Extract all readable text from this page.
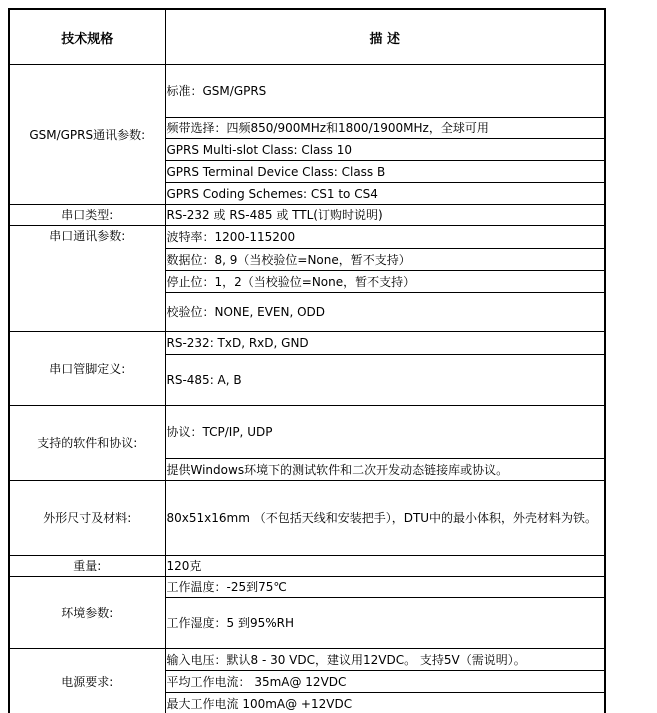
技术规格	描 述
GSM/GPRS通讯参数:	标准：GSM/GPRS
	频带选择：四频850/900MHz和1800/1900MHz，全球可用
	GPRS Multi-slot Class: Class 10
	GPRS Terminal Device Class: Class B
	GPRS Coding Schemes: CS1 to CS4
串口类型:	RS-232 或 RS-485 或 TTL(订购时说明)
串口通讯参数:	波特率：1200-115200
	数据位：8, 9（当校验位=None，暂不支持）
	停止位：1，2（当校验位=None，暂不支持）
	校验位：NONE, EVEN, ODD
串口管脚定义:	RS-232: TxD, RxD, GND
	RS-485: A, B
支持的软件和协议:	协议：TCP/IP, UDP
	提供Windows环境下的测试软件和二次开发动态链接库或协议。
外形尺寸及材料:	80x51x16mm （不包括天线和安装把手），DTU中的最小体积，外壳材料为铁。
重量:	120克
环境参数:	工作温度：-25到75℃
	工作湿度：5 到95%RH
电源要求:	输入电压：默认8 - 30 VDC，建议用12VDC。 支持5V（需说明）。
	平均工作电流： 35mA@ 12VDC
	最大工作电流 100mA@ +12VDC
